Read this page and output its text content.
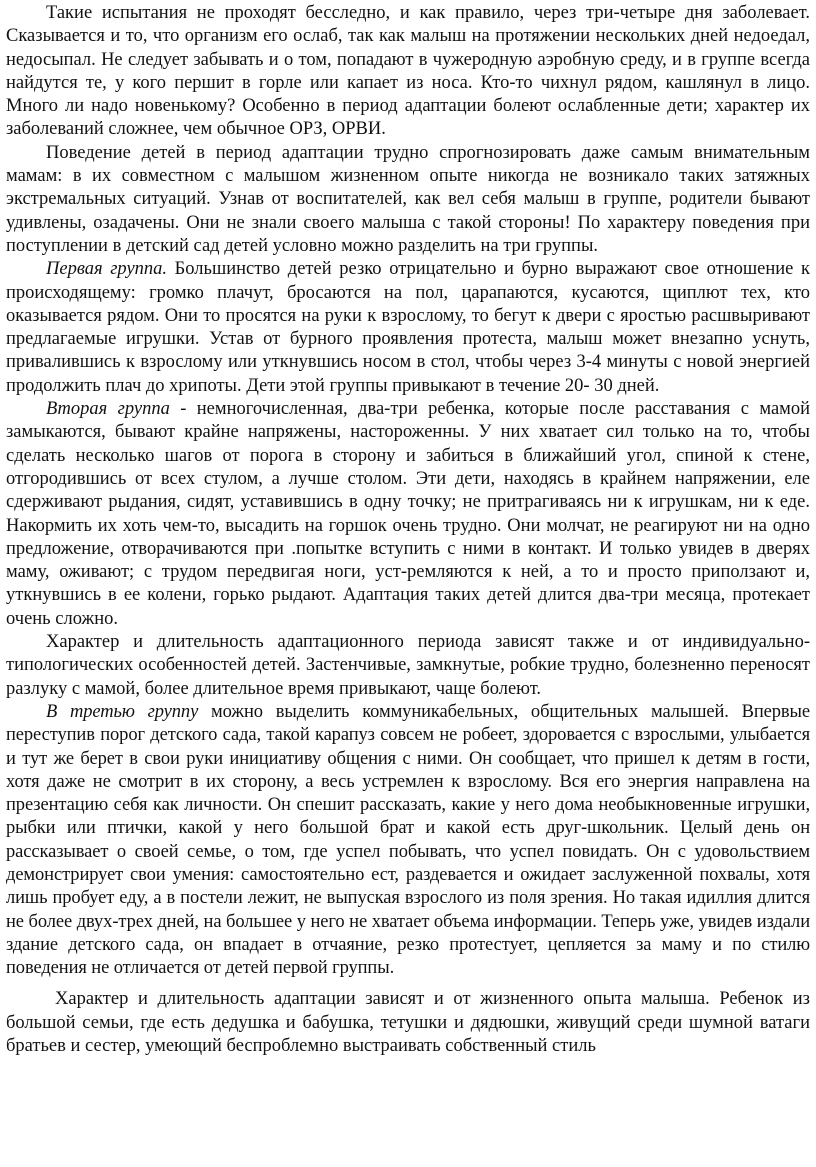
Такие испытания не проходят бесследно, и как правило, через три-четыре дня заболевает. Сказывается и то, что организм его ослаб, так как малыш на протяжении нескольких дней недоедал, недосыпал. Не следует забывать и о том, попадают в чужеродную аэробную среду, и в группе всегда найдутся те, у кого першит в горле или капает из носа. Кто-то чихнул рядом, кашлянул в лицо. Много ли надо новенькому? Особенно в период адаптации болеют ослабленные дети; характер их заболеваний сложнее, чем обычное ОРЗ, ОРВИ.

Поведение детей в период адаптации трудно спрогнозировать даже самым внимательным мамам: в их совместном с малышом жизненном опыте никогда не возникало таких затяжных экстремальных ситуаций. Узнав от воспитателей, как вел себя малыш в группе, родители бывают удивлены, озадачены. Они не знали своего малыша с такой стороны! По характеру поведения при поступлении в детский сад детей условно можно разделить на три группы.

Первая группа. Большинство детей резко отрицательно и бурно выражают свое отношение к происходящему: громко плачут, бросаются на пол, царапаются, кусаются, щиплют тех, кто оказывается рядом. Они то просятся на руки к взрослому, то бегут к двери с яростью расшвыривают предлагаемые игрушки. Устав от бурного проявления протеста, малыш может внезапно уснуть, привалившись к взрослому или уткнувшись носом в стол, чтобы через 3-4 минуты с новой энергией продолжить плач до хрипоты. Дети этой группы привыкают в течение 20- 30 дней.

Вторая группа - немногочисленная, два-три ребенка, которые после расставания с мамой замыкаются, бывают крайне напряжены, настороженны. У них хватает сил только на то, чтобы сделать несколько шагов от порога в сторону и забиться в ближайший угол, спиной к стене, отгородившись от всех стулом, а лучше столом. Эти дети, находясь в крайнем напряжении, еле сдерживают рыдания, сидят, уставившись в одну точку; не притрагиваясь ни к игрушкам, ни к еде. Накормить их хоть чем-то, высадить на горшок очень трудно. Они молчат, не реагируют ни на одно предложение, отворачиваются при .попытке вступить с ними в контакт. И только увидев в дверях маму, оживают; с трудом передвигая ноги, уст-ремляются к ней, а то и просто приползают и, уткнувшись в ее колени, горько рыдают. Адаптация таких детей длится два-три месяца, протекает очень сложно.

Характер и длительность адаптационного периода зависят также и от индивидуально-типологических особенностей детей. Застенчивые, замкнутые, робкие трудно, болезненно переносят разлуку с мамой, более длительное время привыкают, чаще болеют.

В третью группу можно выделить коммуникабельных, общительных малышей. Впервые переступив порог детского сада, такой карапуз совсем не робеет, здоровается с взрослыми, улыбается и тут же берет в свои руки инициативу общения с ними. Он сообщает, что пришел к детям в гости, хотя даже не смотрит в их сторону, а весь устремлен к взрослому. Вся его энергия направлена на презентацию себя как личности. Он спешит рассказать, какие у него дома необыкновенные игрушки, рыбки или птички, какой у него большой брат и какой есть друг-школьник. Целый день он рассказывает о своей семье, о том, где успел побывать, что успел повидать. Он с удовольствием демонстрирует свои умения: самостоятельно ест, раздевается и ожидает заслуженной похвалы, хотя лишь пробует еду, а в постели лежит, не выпуская взрослого из поля зрения. Но такая идиллия длится не более двух-трех дней, на большее у него не хватает объема информации. Теперь уже, увидев издали здание детского сада, он впадает в отчаяние, резко протестует, цепляется за маму и по стилю поведения не отличается от детей первой группы.

Характер и длительность адаптации зависят и от жизненного опыта малыша. Ребенок из большой семьи, где есть дедушка и бабушка, тетушки и дядюшки, живущий среди шумной ватаги братьев и сестер, умеющий беспроблемно выстраивать собственный стиль
